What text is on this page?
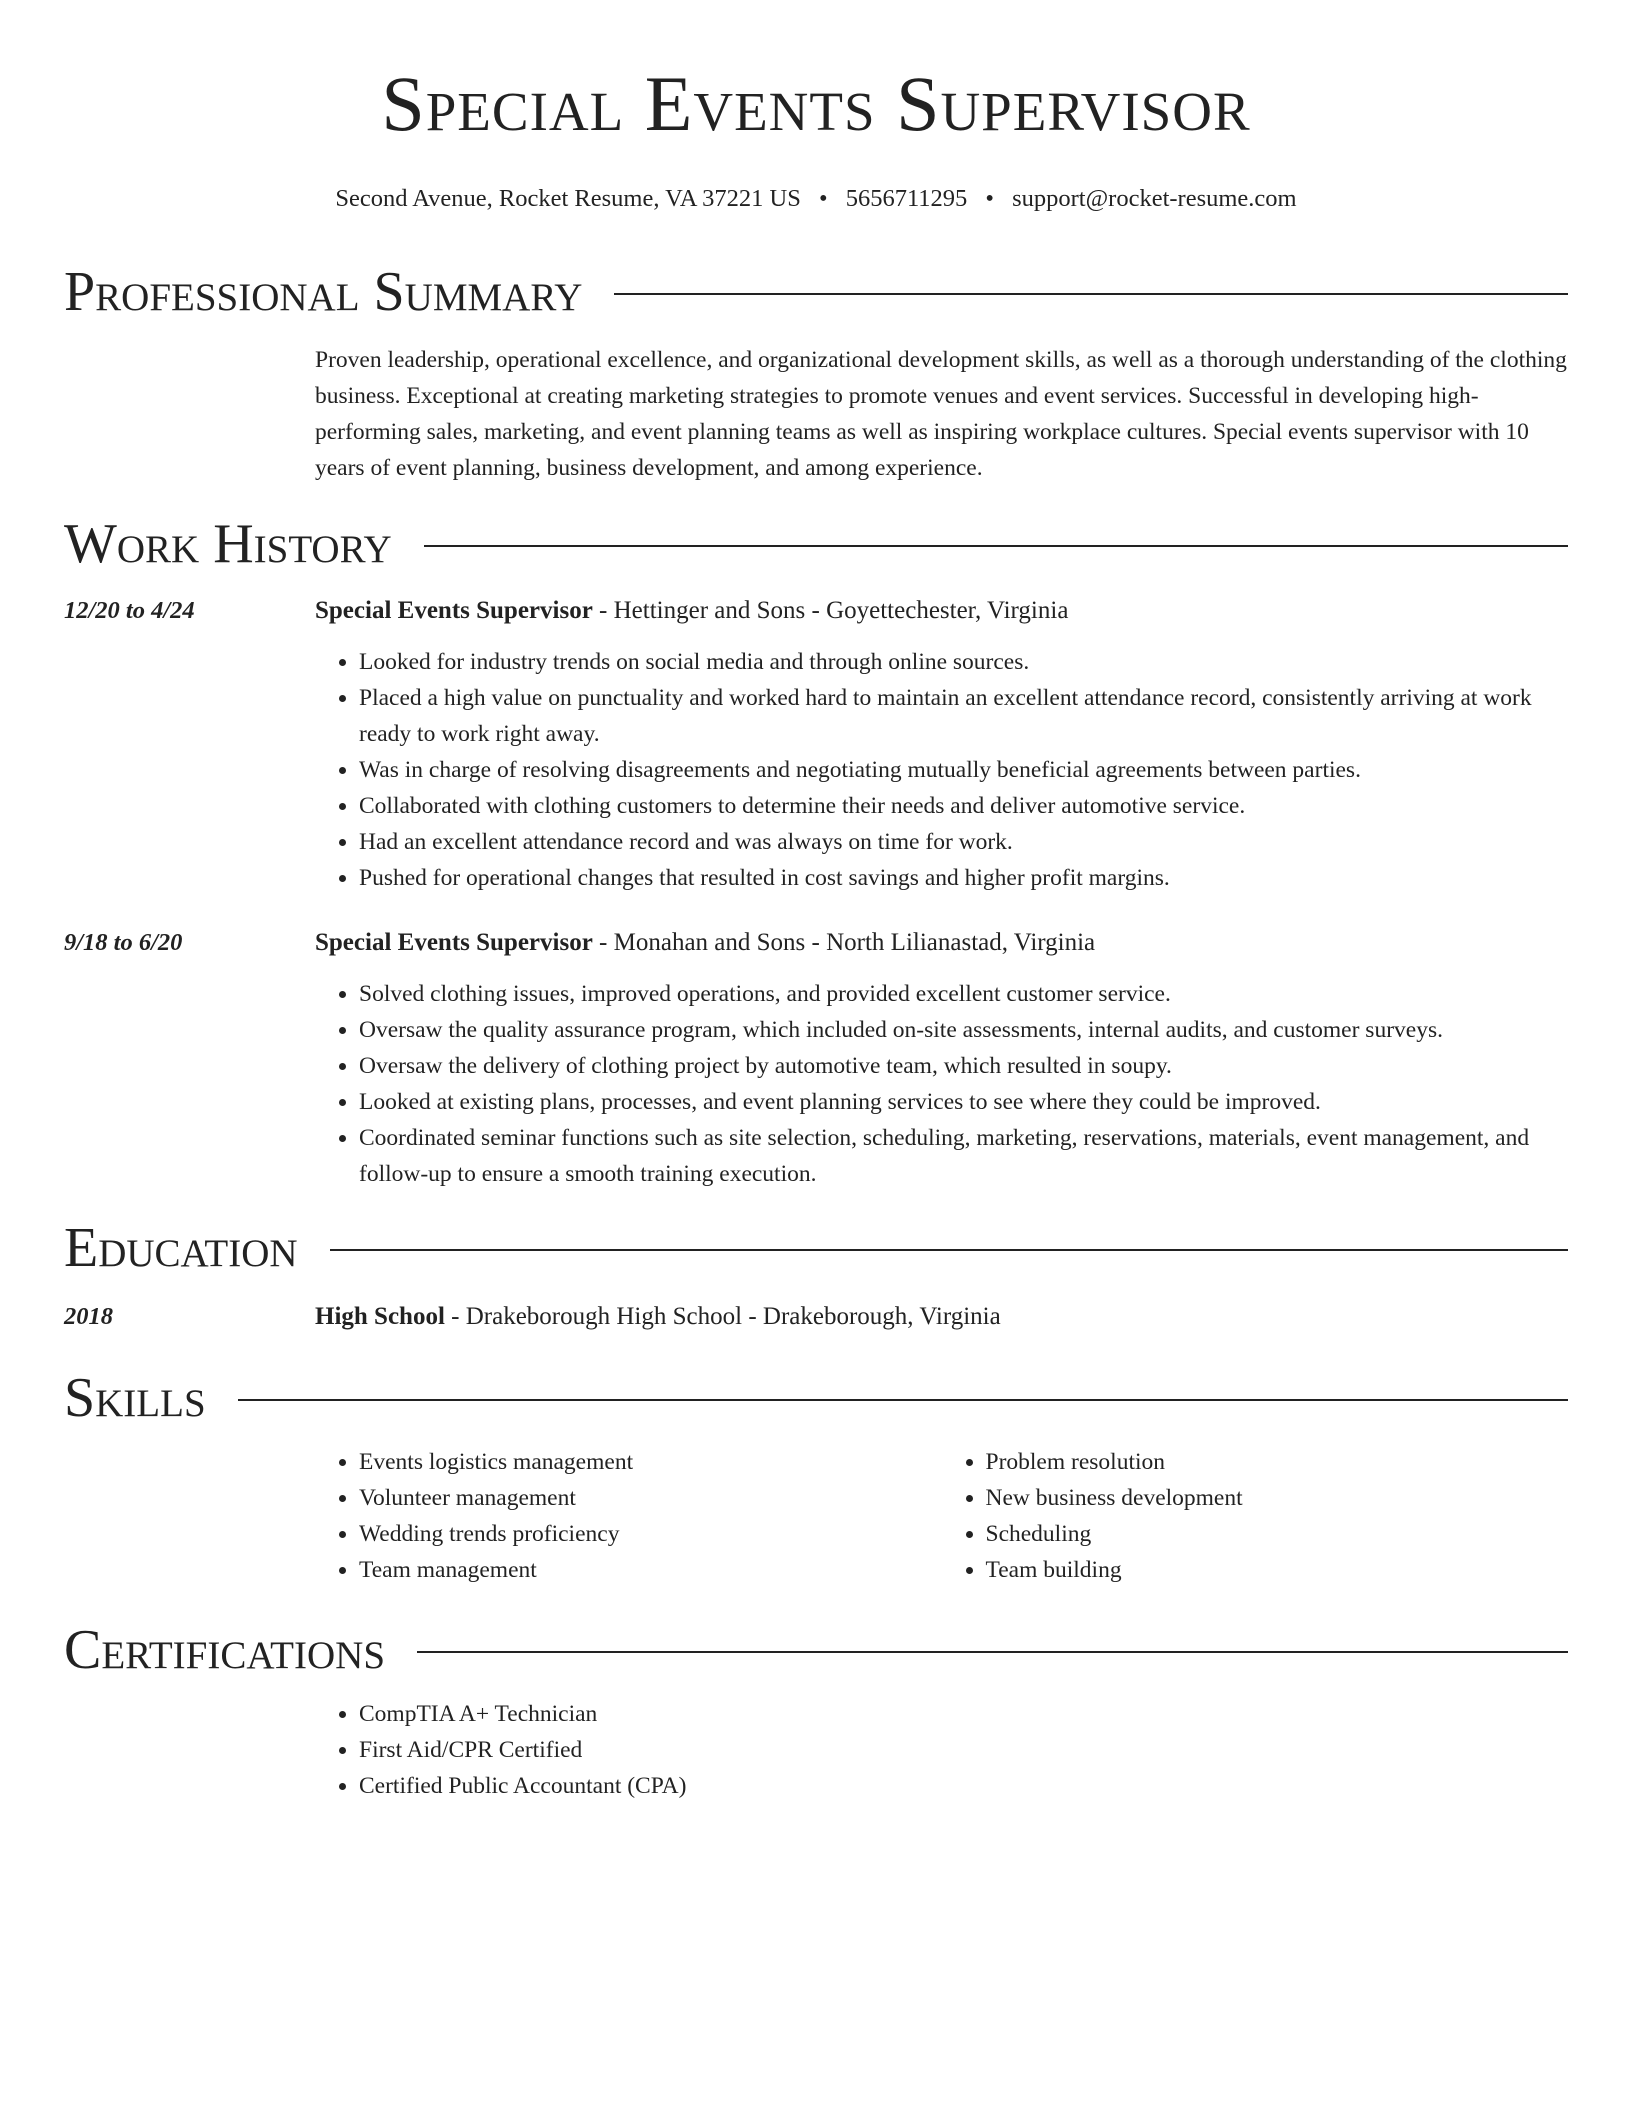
Special Events Supervisor
Second Avenue, Rocket Resume, VA 37221 US • 5656711295 • support@rocket-resume.com
Professional Summary
Proven leadership, operational excellence, and organizational development skills, as well as a thorough understanding of the clothing business. Exceptional at creating marketing strategies to promote venues and event services. Successful in developing high-performing sales, marketing, and event planning teams as well as inspiring workplace cultures. Special events supervisor with 10 years of event planning, business development, and among experience.
Work History
12/20 to 4/24	Special Events Supervisor - Hettinger and Sons - Goyettechester, Virginia
• Looked for industry trends on social media and through online sources.
• Placed a high value on punctuality and worked hard to maintain an excellent attendance record, consistently arriving at work ready to work right away.
• Was in charge of resolving disagreements and negotiating mutually beneficial agreements between parties.
• Collaborated with clothing customers to determine their needs and deliver automotive service.
• Had an excellent attendance record and was always on time for work.
• Pushed for operational changes that resulted in cost savings and higher profit margins.
9/18 to 6/20	Special Events Supervisor - Monahan and Sons - North Lilianastad, Virginia
• Solved clothing issues, improved operations, and provided excellent customer service.
• Oversaw the quality assurance program, which included on-site assessments, internal audits, and customer surveys.
• Oversaw the delivery of clothing project by automotive team, which resulted in soupy.
• Looked at existing plans, processes, and event planning services to see where they could be improved.
• Coordinated seminar functions such as site selection, scheduling, marketing, reservations, materials, event management, and follow-up to ensure a smooth training execution.
Education
2018	High School - Drakeborough High School - Drakeborough, Virginia
Skills
• Events logistics management
• Volunteer management
• Wedding trends proficiency
• Team management
• Problem resolution
• New business development
• Scheduling
• Team building
Certifications
• CompTIA A+ Technician
• First Aid/CPR Certified
• Certified Public Accountant (CPA)
